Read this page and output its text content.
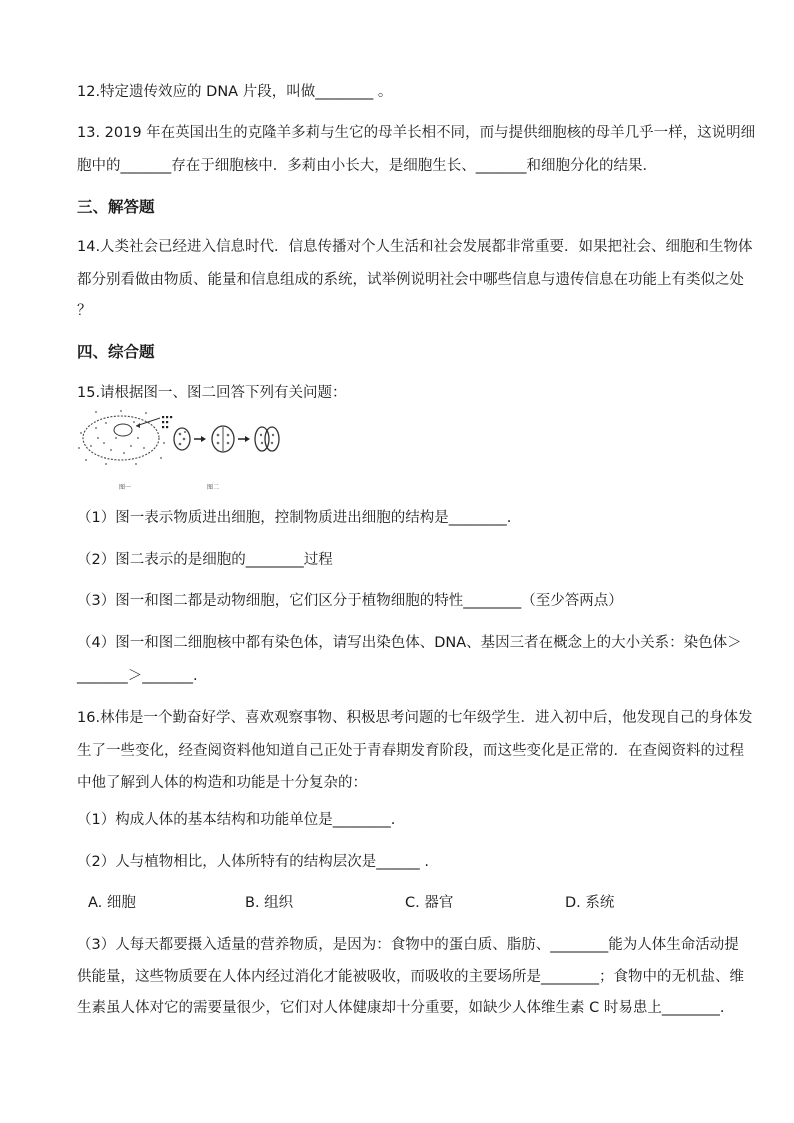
12.特定遗传效应的 DNA 片段，叫做________ 。
13. 2019 年在英国出生的克隆羊多莉与生它的母羊长相不同，而与提供细胞核的母羊几乎一样，这说明细
胞中的_______存在于细胞核中．多莉由小长大，是细胞生长、_______和细胞分化的结果．
三、解答题
14.人类社会已经进入信息时代．信息传播对个人生活和社会发展都非常重要．如果把社会、细胞和生物体
都分别看做由物质、能量和信息组成的系统，试举例说明社会中哪些信息与遗传信息在功能上有类似之处
？
四、综合题
15.请根据图一、图二回答下列有关问题：
图一	图二
（1）图一表示物质进出细胞，控制物质进出细胞的结构是________.
（2）图二表示的是细胞的________过程
（3）图一和图二都是动物细胞，它们区分于植物细胞的特性________（至少答两点）
（4）图一和图二细胞核中都有染色体，请写出染色体、DNA、基因三者在概念上的大小关系：染色体＞
_______＞_______.
16.林伟是一个勤奋好学、喜欢观察事物、积极思考问题的七年级学生．进入初中后，他发现自己的身体发
生了一些变化，经查阅资料他知道自己正处于青春期发育阶段，而这些变化是正常的．在查阅资料的过程
中他了解到人体的构造和功能是十分复杂的：
（1）构成人体的基本结构和功能单位是________.
（2）人与植物相比，人体所特有的结构层次是______ .
A. 细胞	B. 组织	C. 器官	D. 系统
（3）人每天都要摄入适量的营养物质，是因为：食物中的蛋白质、脂肪、________能为人体生命活动提
供能量，这些物质要在人体内经过消化才能被吸收，而吸收的主要场所是________；食物中的无机盐、维
生素虽人体对它的需要量很少，它们对人体健康却十分重要，如缺少人体维生素 C 时易患上________.
